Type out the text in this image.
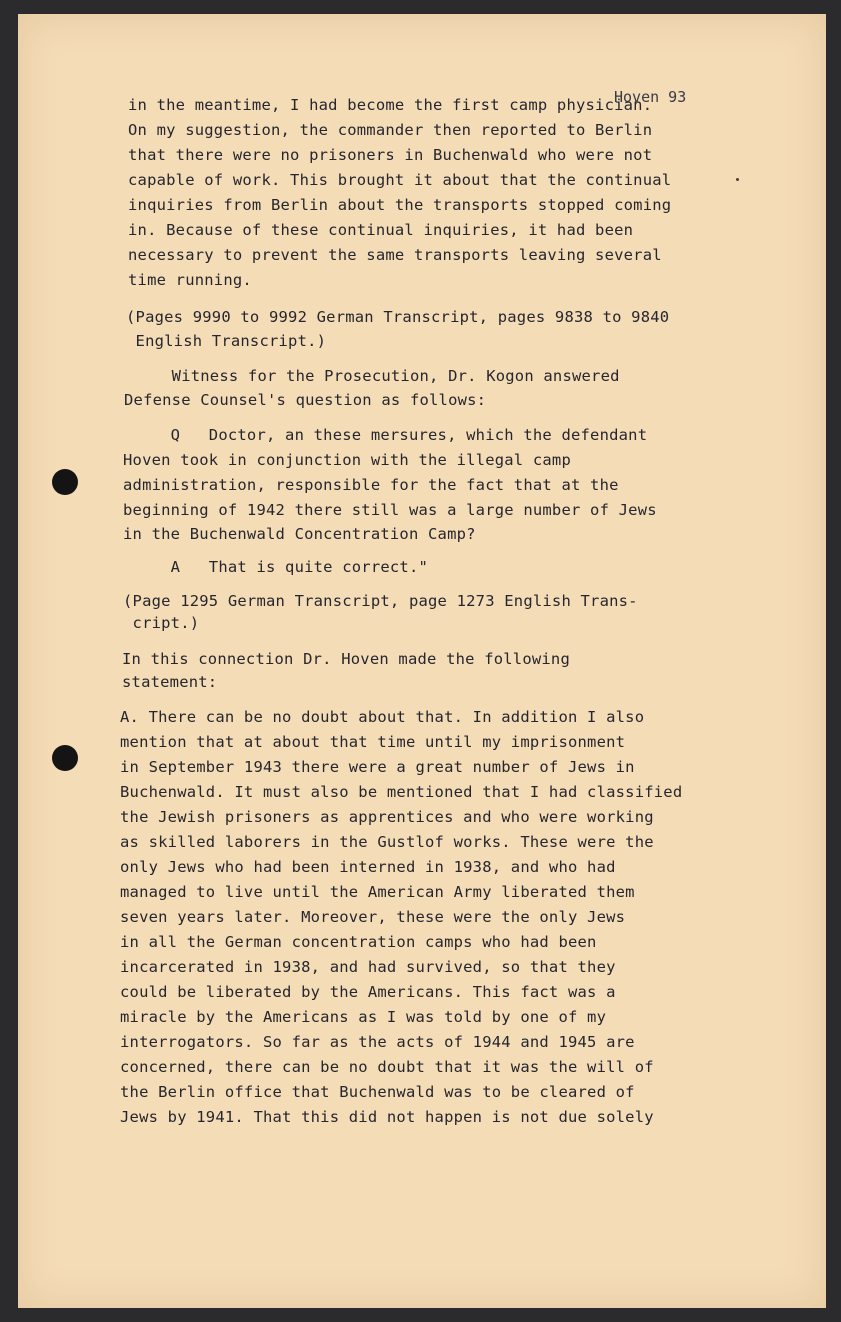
Hoven 93
in the meantime, I had become the first camp physician.
On my suggestion, the commander then reported to Berlin
that there were no prisoners in Buchenwald who were not
capable of work. This brought it about that the continual
inquiries from Berlin about the transports stopped coming
in. Because of these continual inquiries, it had been
necessary to prevent the same transports leaving several
time running.
(Pages 9990 to 9992 German Transcript, pages 9838 to 9840
English Transcript.)
Witness for the Prosecution, Dr. Kogon answered
Defense Counsel's question as follows:
Q   Doctor, an these mersures, which the defendant
Hoven took in conjunction with the illegal camp
administration, responsible for the fact that at the
beginning of 1942 there still was a large number of Jews
in the Buchenwald Concentration Camp?
A   That is quite correct."
(Page 1295 German Transcript, page 1273 English Trans-
cript.)
In this connection Dr. Hoven made the following
statement:
A. There can be no doubt about that. In addition I also
mention that at about that time until my imprisonment
in September 1943 there were a great number of Jews in
Buchenwald. It must also be mentioned that I had classified
the Jewish prisoners as apprentices and who were working
as skilled laborers in the Gustlof works. These were the
only Jews who had been interned in 1938, and who had
managed to live until the American Army liberated them
seven years later. Moreover, these were the only Jews
in all the German concentration camps who had been
incarcerated in 1938, and had survived, so that they
could be liberated by the Americans. This fact was a
miracle by the Americans as I was told by one of my
interrogators. So far as the acts of 1944 and 1945 are
concerned, there can be no doubt that it was the will of
the Berlin office that Buchenwald was to be cleared of
Jews by 1941. That this did not happen is not due solely
